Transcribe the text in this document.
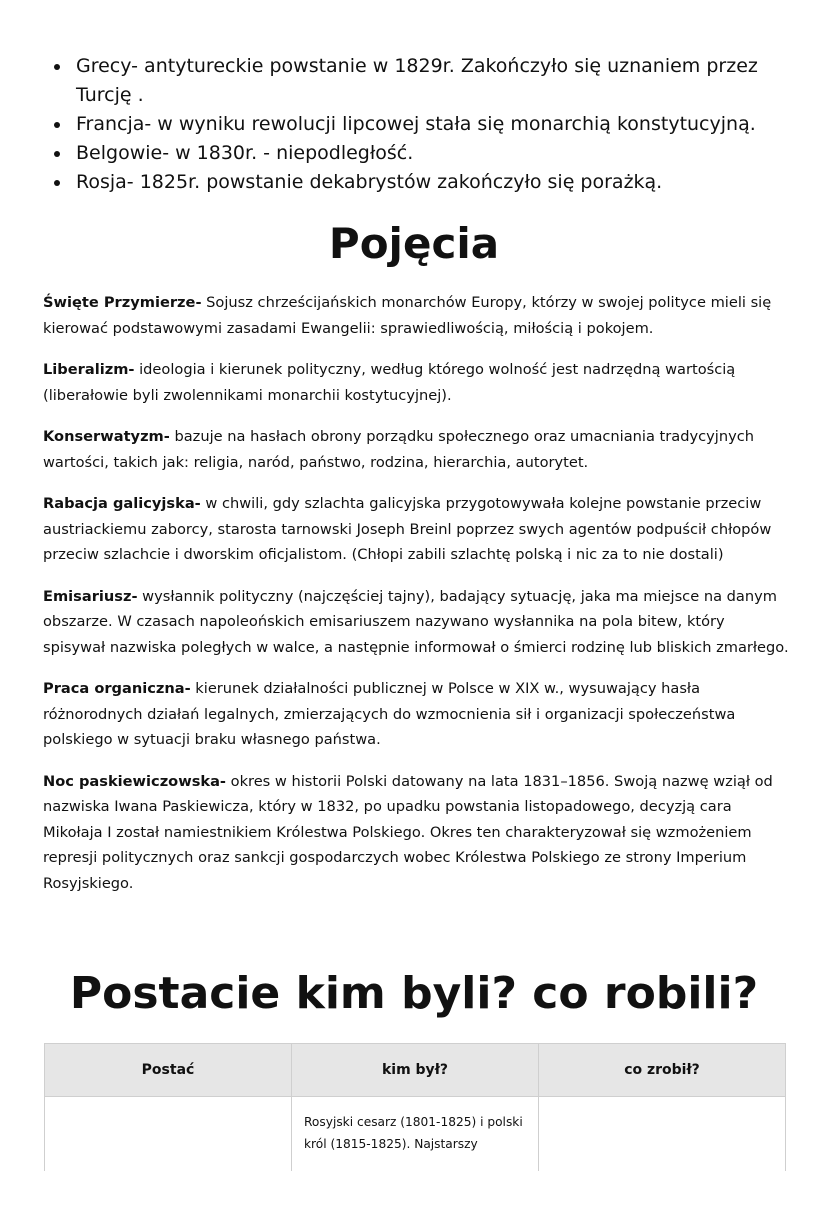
Grecy- antytureckie powstanie w 1829r. Zakończyło się uznaniem przez Turcję .
Francja- w wyniku rewolucji lipcowej stała się monarchią konstytucyjną.
Belgowie- w 1830r. - niepodległość.
Rosja- 1825r. powstanie dekabrystów zakończyło się porażką.
Pojęcia

Święte Przymierze- Sojusz chrześcijańskich monarchów Europy, którzy w swojej polityce mieli się kierować podstawowymi zasadami Ewangelii: sprawiedliwością, miłością i pokojem.

Liberalizm- ideologia i kierunek polityczny, według którego wolność jest nadrzędną wartością (liberałowie byli zwolennikami monarchii kostytucyjnej).

Konserwatyzm- bazuje na hasłach obrony porządku społecznego oraz umacniania tradycyjnych wartości, takich jak: religia, naród, państwo, rodzina, hierarchia, autorytet.

Rabacja galicyjska- w chwili, gdy szlachta galicyjska przygotowywała kolejne powstanie przeciw austriackiemu zaborcy, starosta tarnowski Joseph Breinl poprzez swych agentów podpuścił chłopów przeciw szlachcie i dworskim oficjalistom. (Chłopi zabili szlachtę polską i nic za to nie dostali)

Emisariusz- wysłannik polityczny (najczęściej tajny), badający sytuację, jaka ma miejsce na danym obszarze. W czasach napoleońskich emisariuszem nazywano wysłannika na pola bitew, który spisywał nazwiska poległych w walce, a następnie informował o śmierci rodzinę lub bliskich zmarłego.

Praca organiczna- kierunek działalności publicznej w Polsce w XIX w., wysuwający hasła różnorodnych działań legalnych, zmierzających do wzmocnienia sił i organizacji społeczeństwa polskiego w sytuacji braku własnego państwa.

Noc paskiewiczowska- okres w historii Polski datowany na lata 1831–1856. Swoją nazwę wziął od nazwiska Iwana Paskiewicza, który w 1832, po upadku powstania listopadowego, decyzją cara Mikołaja I został namiestnikiem Królestwa Polskiego. Okres ten charakteryzował się wzmożeniem represji politycznych oraz sankcji gospodarczych wobec Królestwa Polskiego ze strony Imperium Rosyjskiego.

Postacie kim byli? co robili?
Postać	kim był?	co zrobił?
	Rosyjski cesarz (1801-1825) i polski król (1815-1825). Najstarszy	
